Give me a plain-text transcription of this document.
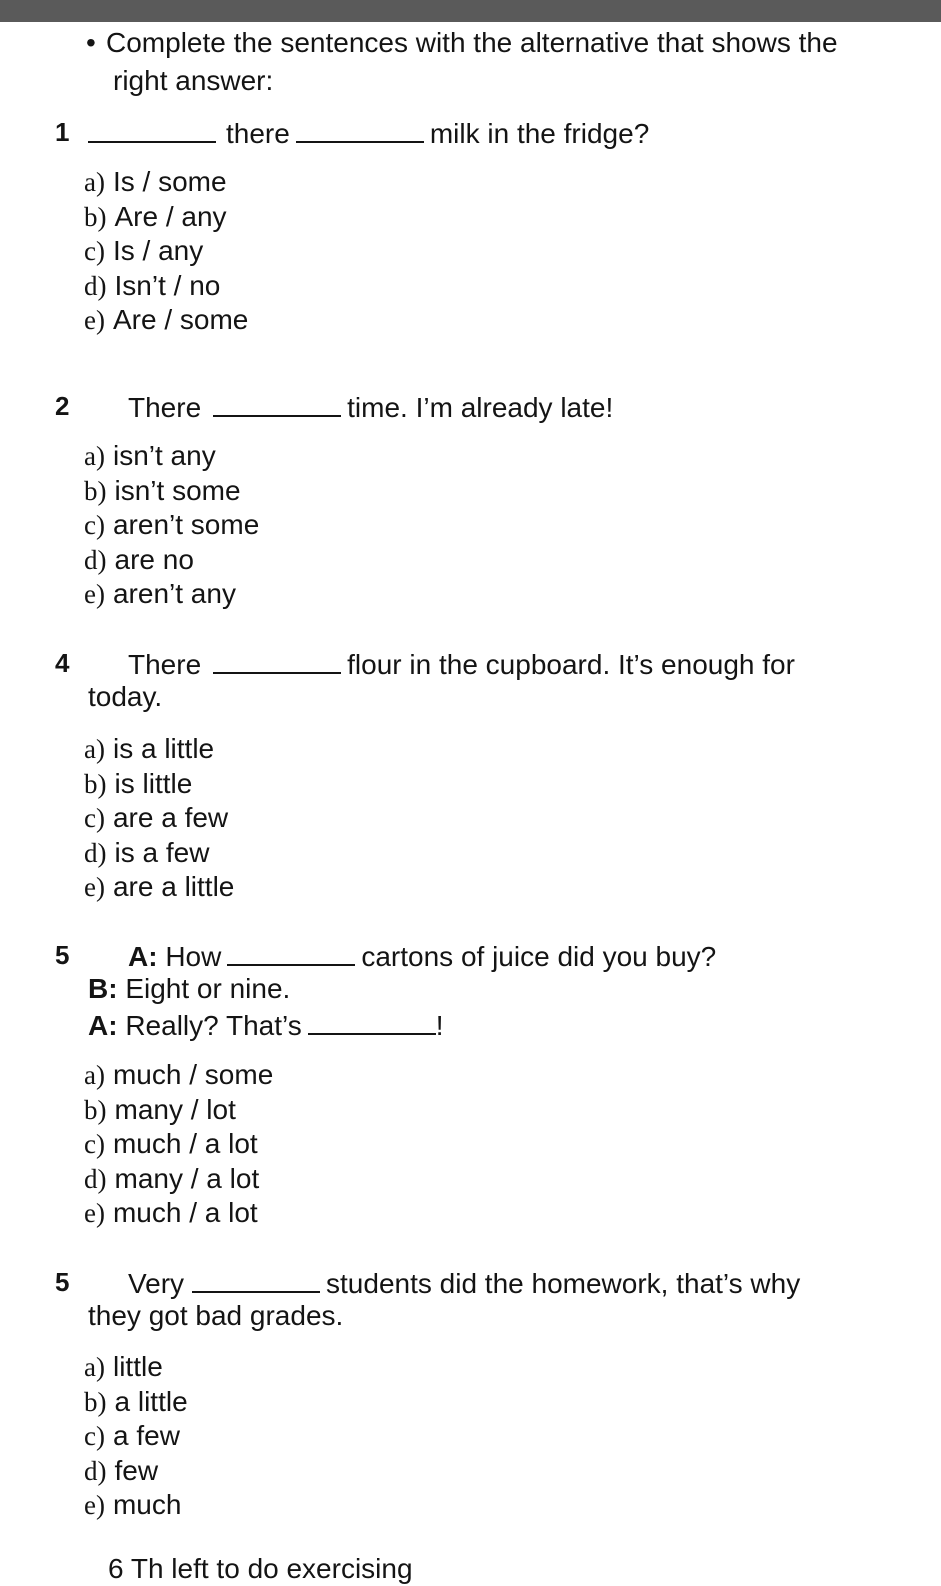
• Complete the sentences with the alternative that shows the
right answer:
1	there	milk in the fridge?
a) Is / some
b) Are / any
c) Is / any
d) Isn’t / no
e) Are / some
2 There	time. I’m already late!
a) isn’t any
b) isn’t some
c) aren’t some
d) are no
e) aren’t any
4 There	flour in the cupboard. It’s enough for
today.
a) is a little
b) is little
c) are a few
d) is a few
e) are a little
5 A: How	cartons of juice did you buy?
B: Eight or nine.
A: Really? That’s	!
a) much / some
b) many / lot
c) much / a lot
d) many / a lot
e) much / a lot
5 Very	students did the homework, that’s why
they got bad grades.
a) little
b) a little
c) a few
d) few
e) much
6 Th left to do exercising
